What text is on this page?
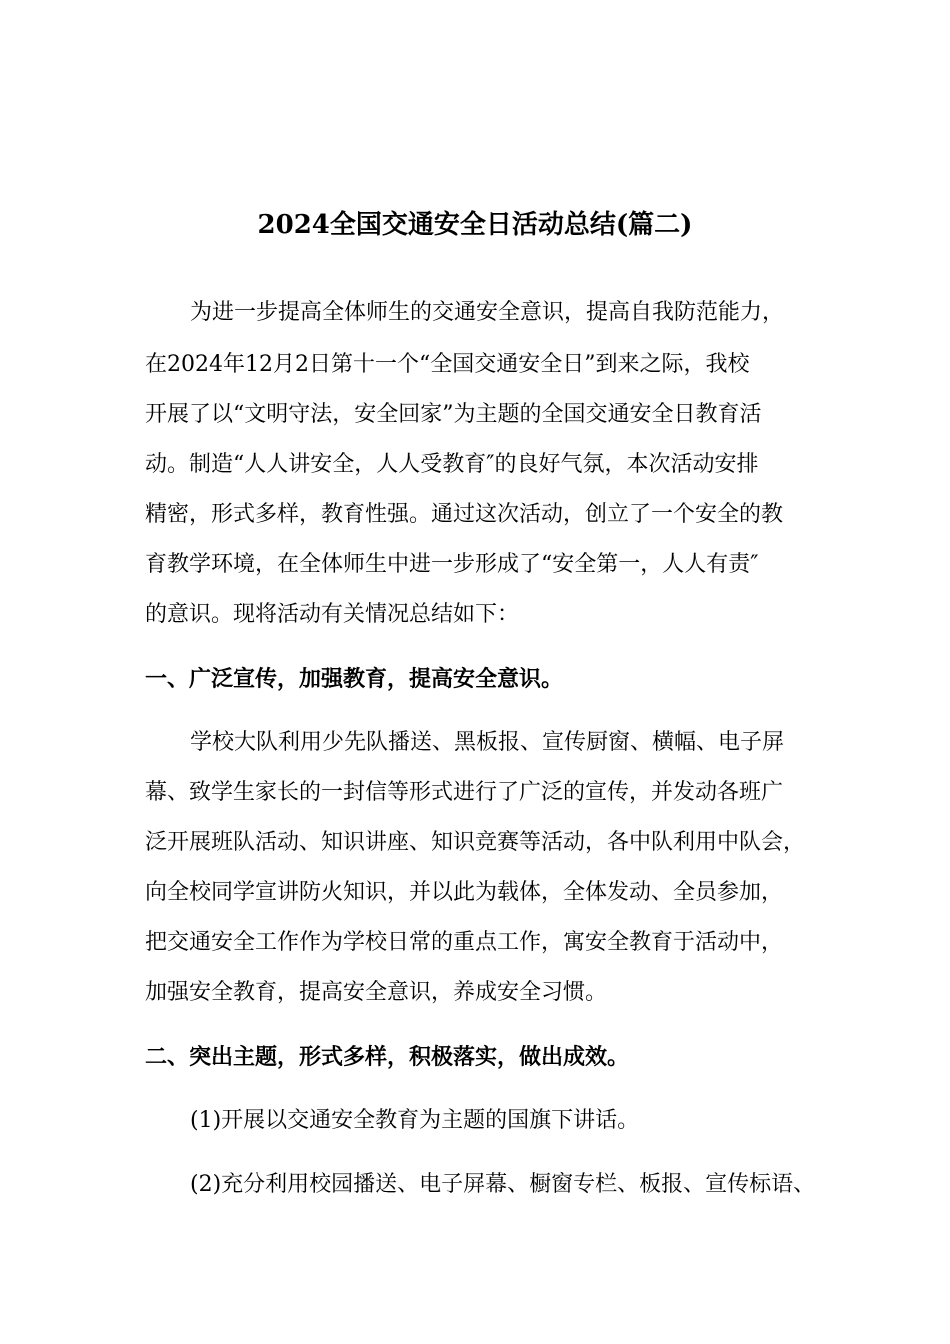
2024全国交通安全日活动总结(篇二)
为进一步提高全体师生的交通安全意识，提高自我防范能力，
在2024年12月2日第十一个“全国交通安全日”到来之际，我校
开展了以“文明守法，安全回家”为主题的全国交通安全日教育活
动。制造“人人讲安全，人人受教育″的良好气氛，本次活动安排
精密，形式多样，教育性强。通过这次活动，创立了一个安全的教
育教学环境，在全体师生中进一步形成了“安全第一，人人有责″
的意识。现将活动有关情况总结如下：
一、广泛宣传，加强教育，提高安全意识。
学校大队利用少先队播送、黑板报、宣传厨窗、横幅、电子屏
幕、致学生家长的一封信等形式进行了广泛的宣传，并发动各班广
泛开展班队活动、知识讲座、知识竞赛等活动，各中队利用中队会，
向全校同学宣讲防火知识，并以此为载体，全体发动、全员参加，
把交通安全工作作为学校日常的重点工作，寓安全教育于活动中，
加强安全教育，提高安全意识，养成安全习惯。
二、突出主题，形式多样，积极落实，做出成效。
(1)开展以交通安全教育为主题的国旗下讲话。
(2)充分利用校园播送、电子屏幕、橱窗专栏、板报、宣传标语、
